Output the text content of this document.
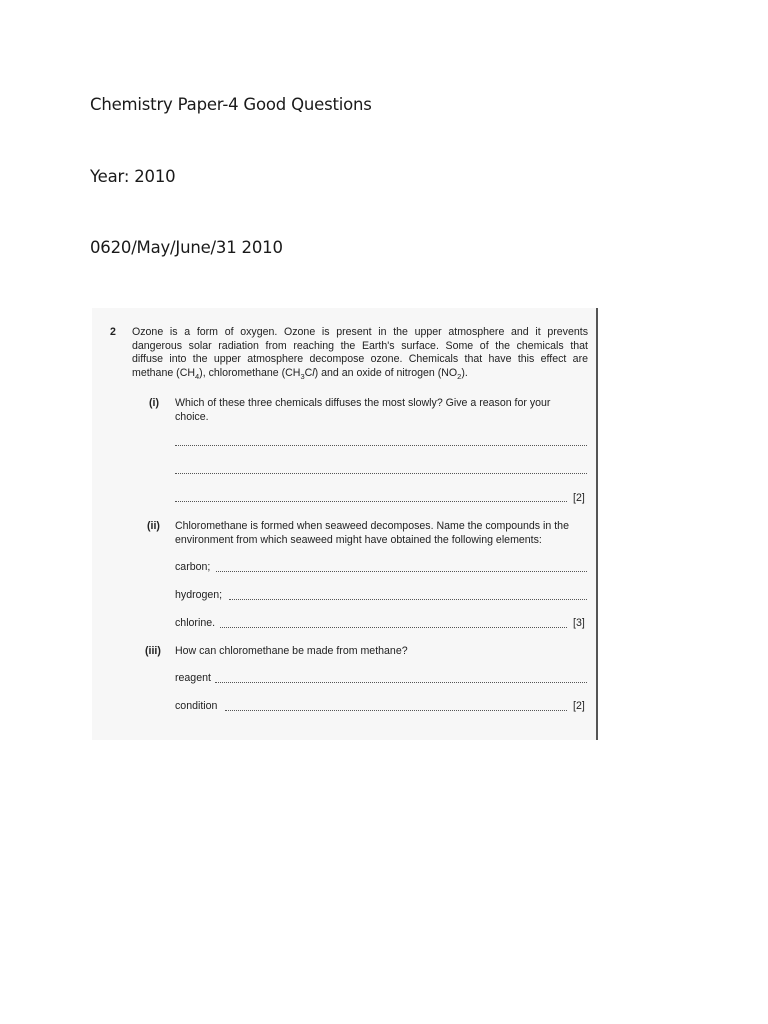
Chemistry Paper-4 Good Questions
Year: 2010
0620/May/June/31 2010
2 Ozone is a form of oxygen. Ozone is present in the upper atmosphere and it prevents
dangerous solar radiation from reaching the Earth's surface. Some of the chemicals that
diffuse into the upper atmosphere decompose ozone. Chemicals that have this effect are
methane $(CH_4)$, chloromethane $(CH_3Cl)$ and an oxide of nitrogen $(NO_2)$.
(i) Which of these three chemicals diffuses the most slowly? Give a reason for your
choice.
[2]
(ii) Chloromethane is formed when seaweed decomposes. Name the compounds in the
environment from which seaweed might have obtained the following elements:
carbon;
hydrogen;
chlorine.	[3]
(iii) How can chloromethane be made from methane?
reagent
condition	[2]
